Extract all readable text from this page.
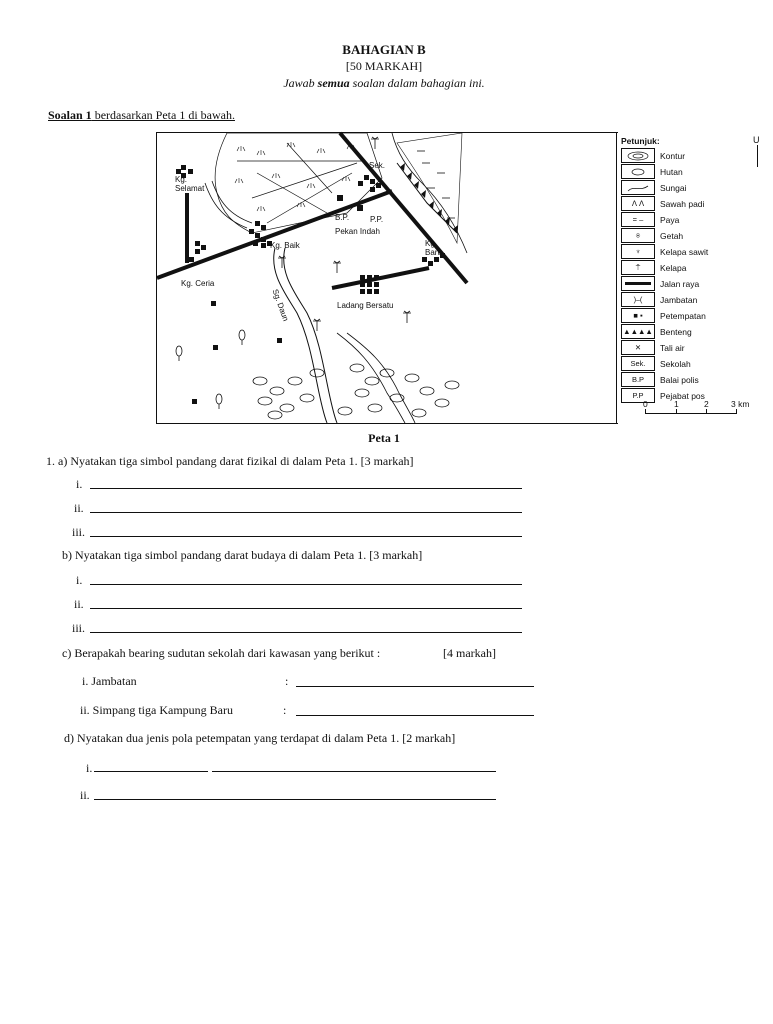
BAHAGIAN B
[50 MARKAH]
Jawab semua soalan dalam bahagian ini.
Soalan 1 berdasarkan Peta 1 di bawah.
Kg.
Selamat
Sek.
B.P.	P.P.
Pekan Indah
Kg. Baik	Kg.
Baru
Kg. Ceria
Sg. Daun	Ladang Bersatu
Petunjuk:	U
Kontur
Hutan
Sungai
ⴷ ⴷ	Sawah padi
= –	Paya
⍟	Getah
♆	Kelapa sawit
⍑	Kelapa
Jalan raya
)⎯(	Jambatan
■ ▪	Petempatan
▲▲▲▲ Benteng
✕	Tali air
Sek.	Sekolah
B.P	Balai polis
P.P	Pejabat pos
0	1	2	3 km
Peta 1
1. a) Nyatakan tiga simbol pandang darat fizikal di dalam Peta 1. [3 markah]
i.
ii.
iii.
b) Nyatakan tiga simbol pandang darat budaya di dalam Peta 1. [3 markah]
i.
ii.
iii.
c) Berapakah bearing sudutan sekolah dari kawasan yang berikut :	[4 markah]
i. Jambatan	:
ii. Simpang tiga Kampung Baru	:
d) Nyatakan dua jenis pola petempatan yang terdapat di dalam Peta 1. [2 markah]
i.
ii.
